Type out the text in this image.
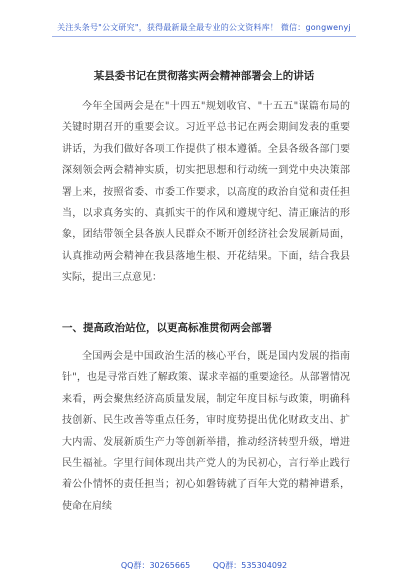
关注头条号"公文研究"，获得最新最全最专业的公文资料库！ 微信：gongwenyj
某县委书记在贯彻落实两会精神部署会上的讲话

今年全国两会是在"十四五"规划收官、"十五五"谋篇布局的关键时期召开的重要会议。习近平总书记在两会期间发表的重要讲话，为我们做好各项工作提供了根本遵循。全县各级各部门要深刻领会两会精神实质，切实把思想和行动统一到党中央决策部署上来，按照省委、市委工作要求，以高度的政治自觉和责任担当，以求真务实的、真抓实干的作风和遵规守纪、清正廉洁的形象，团结带领全县各族人民群众不断开创经济社会发展新局面，认真推动两会精神在我县落地生根、开花结果。下面，结合我县实际，提出三点意见：

一、提高政治站位，以更高标准贯彻两会部署

全国两会是中国政治生活的核心平台，既是国内发展的指南针"，也是寻常百姓了解政策、谋求幸福的重要途径。从部署情况来看，两会聚焦经济高质量发展，制定年度目标与政策，明确科技创新、民生改善等重点任务，审时度势提出优化财政支出、扩大内需、发展新质生产力等创新举措，推动经济转型升级，增进民生福祉。字里行间体现出共产党人的为民初心，言行举止践行着公仆情怀的责任担当；初心如磐铸就了百年大党的精神谱系，使命在肩续

QQ群：30265665	QQ群：535304092
